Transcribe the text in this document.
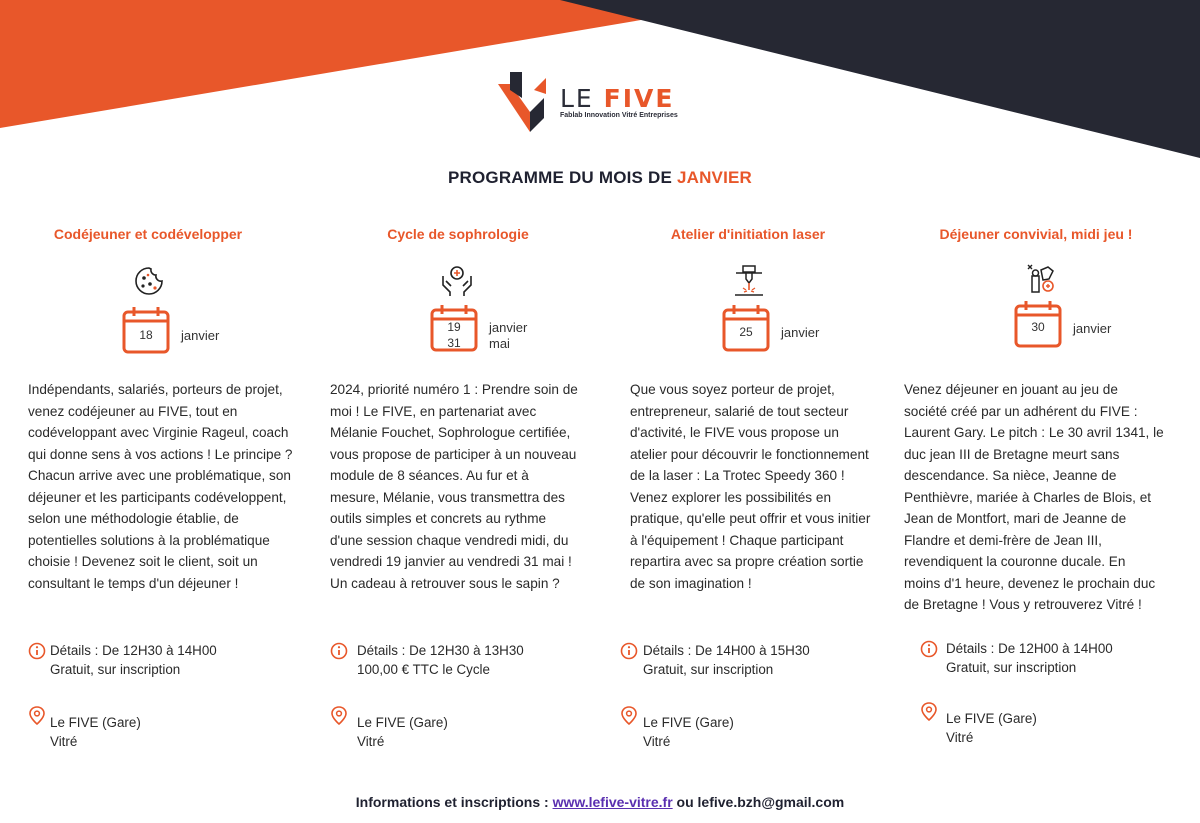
LE FIVE
Fablab Innovation Vitré Entreprises
PROGRAMME DU MOIS DE JANVIER
Codéjeuner et codévelopper
18	janvier
Indépendants, salariés, porteurs de projet, venez codéjeuner au FIVE, tout en codéveloppant avec Virginie Rageul, coach qui donne sens à vos actions ! Le principe ? Chacun arrive avec une problématique, son déjeuner et les participants codéveloppent, selon une méthodologie établie, de potentielles solutions à la problématique choisie ! Devenez soit le client, soit un consultant le temps d'un déjeuner !
Détails : De 12H30 à 14H00
Gratuit, sur inscription
Le FIVE (Gare)
Vitré
Cycle de sophrologie
19
31
janvier
mai
2024, priorité numéro 1 : Prendre soin de moi ! Le FIVE, en partenariat avec Mélanie Fouchet, Sophrologue certifiée, vous propose de participer à un nouveau module de 8 séances. Au fur et à mesure, Mélanie, vous transmettra des outils simples et concrets au rythme d'une session chaque vendredi midi, du vendredi 19 janvier au vendredi 31 mai ! Un cadeau à retrouver sous le sapin ?
Détails : De 12H30 à 13H30
100,00 € TTC le Cycle
Le FIVE (Gare)
Vitré
Atelier d'initiation laser
25	janvier
Que vous soyez porteur de projet, entrepreneur, salarié de tout secteur d'activité, le FIVE vous propose un atelier pour découvrir le fonctionnement de la laser : La Trotec Speedy 360 ! Venez explorer les possibilités en pratique, qu'elle peut offrir et vous initier à l'équipement ! Chaque participant repartira avec sa propre création sortie de son imagination !
Détails : De 14H00 à 15H30
Gratuit, sur inscription
Le FIVE (Gare)
Vitré
Déjeuner convivial, midi jeu !
30	janvier
Venez déjeuner en jouant au jeu de société créé par un adhérent du FIVE : Laurent Gary. Le pitch : Le 30 avril 1341, le duc jean III de Bretagne meurt sans descendance. Sa nièce, Jeanne de Penthièvre, mariée à Charles de Blois, et Jean de Montfort, mari de Jeanne de Flandre et demi-frère de Jean III, revendiquent la couronne ducale. En moins d'1 heure, devenez le prochain duc de Bretagne ! Vous y retrouverez Vitré !
Détails : De 12H00 à 14H00
Gratuit, sur inscription
Le FIVE (Gare)
Vitré
Informations et inscriptions : www.lefive-vitre.fr ou lefive.bzh@gmail.com
